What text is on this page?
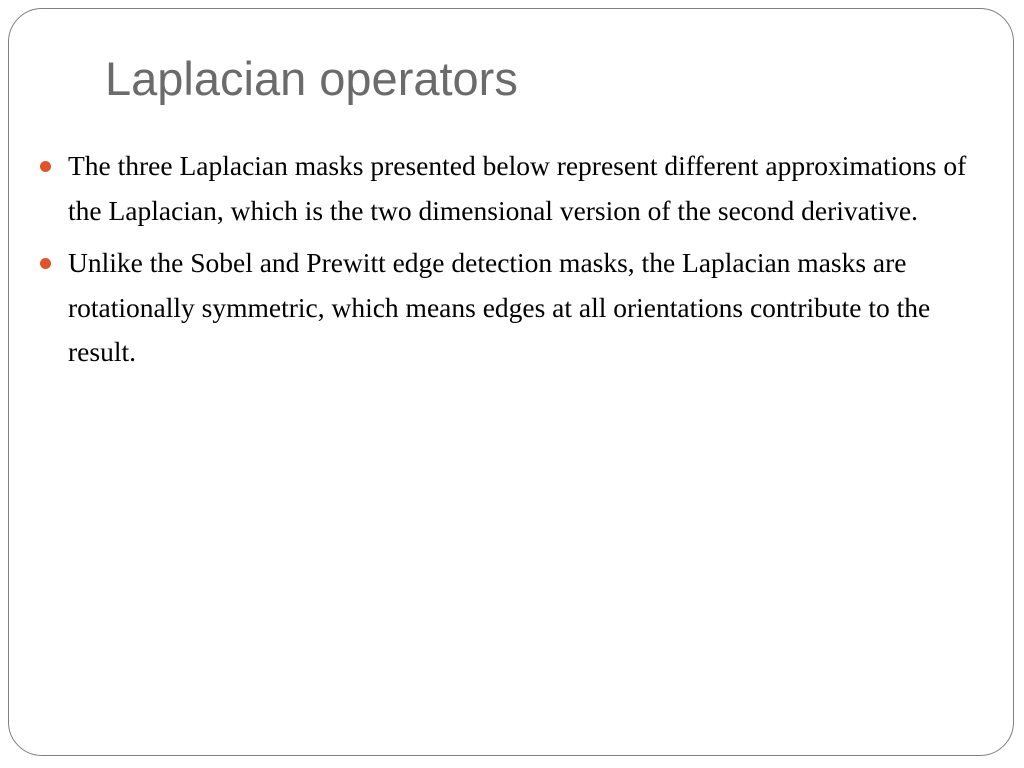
Laplacian operators
The three Laplacian masks presented below represent different approximations of the Laplacian, which is the two dimensional version of the second derivative.
Unlike the Sobel and Prewitt edge detection masks, the Laplacian masks are rotationally symmetric, which means edges at all orientations contribute to the result.
